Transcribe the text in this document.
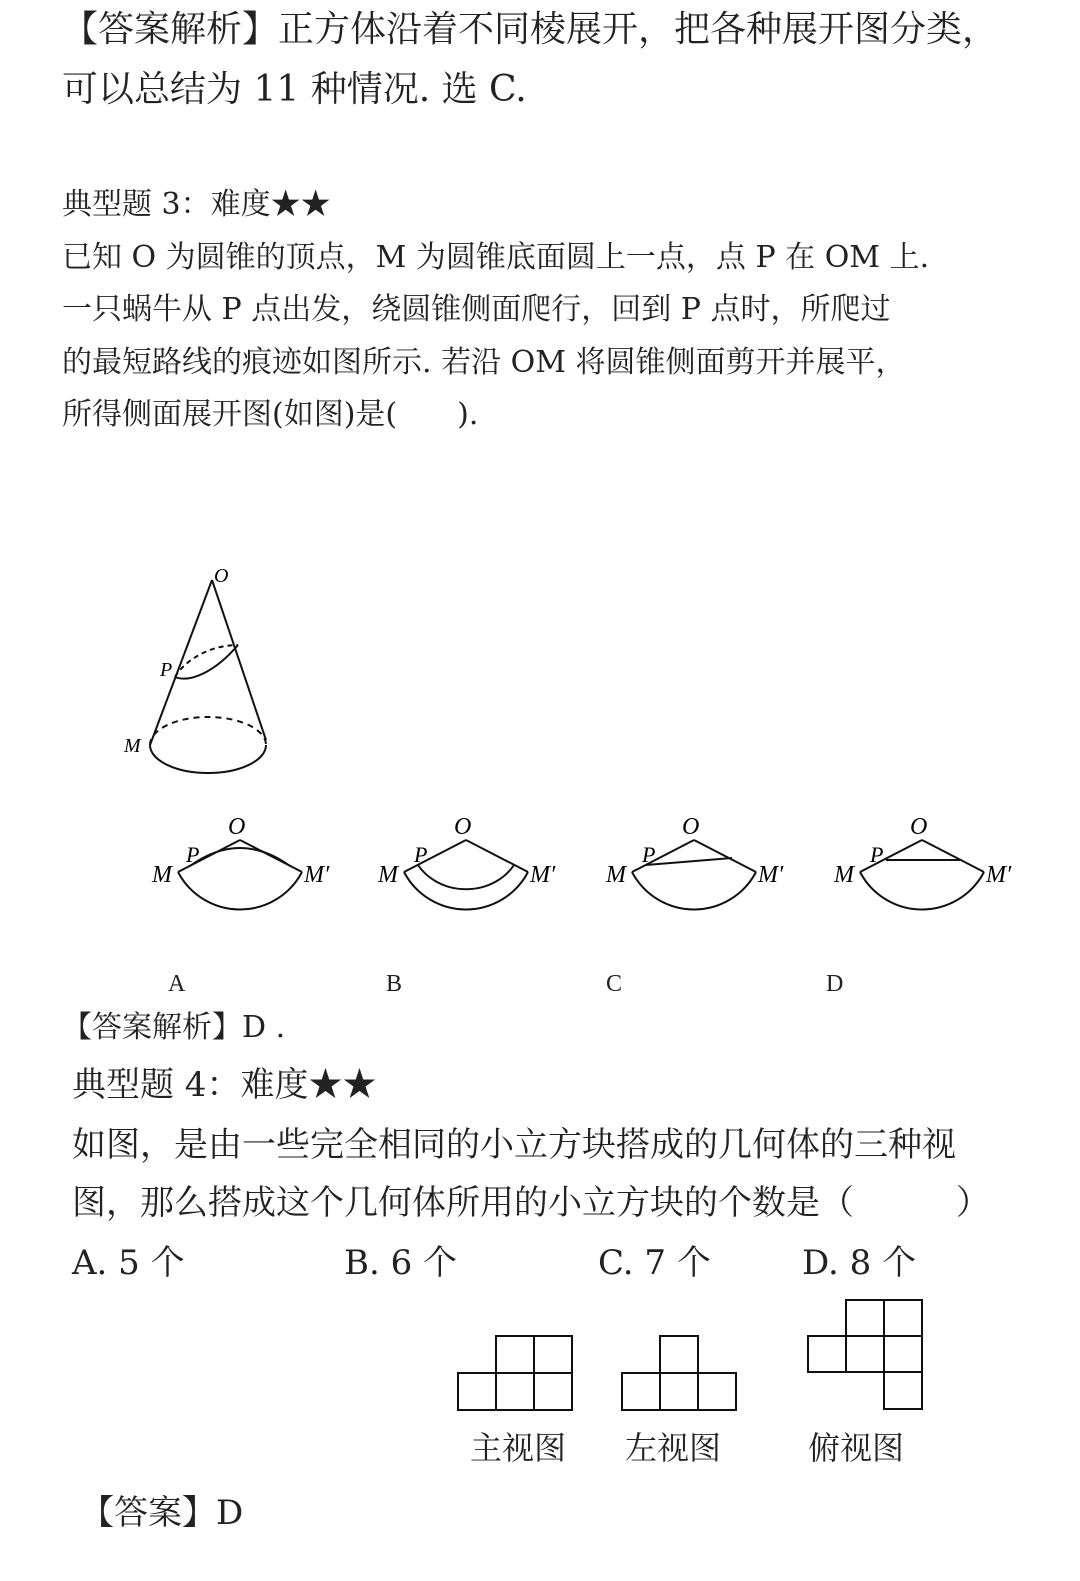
【答案解析】正方体沿着不同棱展开，把各种展开图分类，
可以总结为 11 种情况. 选 C.
典型题 3：难度★★
已知 O 为圆锥的顶点，M 为圆锥底面圆上一点，点 P 在 OM 上.
一只蜗牛从 P 点出发，绕圆锥侧面爬行，回到 P 点时，所爬过
的最短路线的痕迹如图所示. 若沿 OM 将圆锥侧面剪开并展平，
所得侧面展开图(如图)是(　　).
O
P
M
O
P
M	M′
O
P
M	M′
O
P
M	M′
O
P
M	M′
A	B	C	D
【答案解析】D .
典型题 4：难度★★
如图，是由一些完全相同的小立方块搭成的几何体的三种视
图，那么搭成这个几何体所用的小立方块的个数是（　　　）
A. 5 个	B. 6 个	C. 7 个	D. 8 个
主视图 左视图	俯视图
【答案】D
